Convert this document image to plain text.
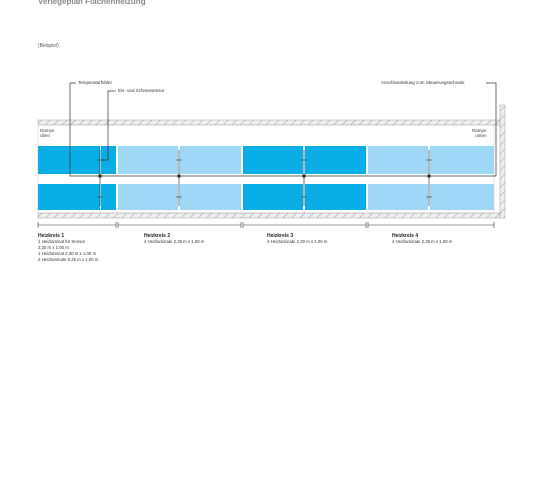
Verlegeplan Flächenheizung
(Beispiel)
Temperaturfühler
Eis- und Schneesensor
Anschlussleitung zum Steuerungsschrank
Rampe
oben
Rampe
unten
Heizkreis 1
1 Heizlaminat für Sensor
2,30 m x 1,00 m
1 Heizlaminat 2,30 m x 1,00 m
2 Heizlaminate 0,25 m x 1,00 m
Heizkreis 2
4 Heizlaminate 2,30 m x 1,00 m
Heizkreis 3
4 Heizlaminate 2,30 m x 1,00 m
Heizkreis 4
4 Heizlaminate 2,30 m x 1,00 m
